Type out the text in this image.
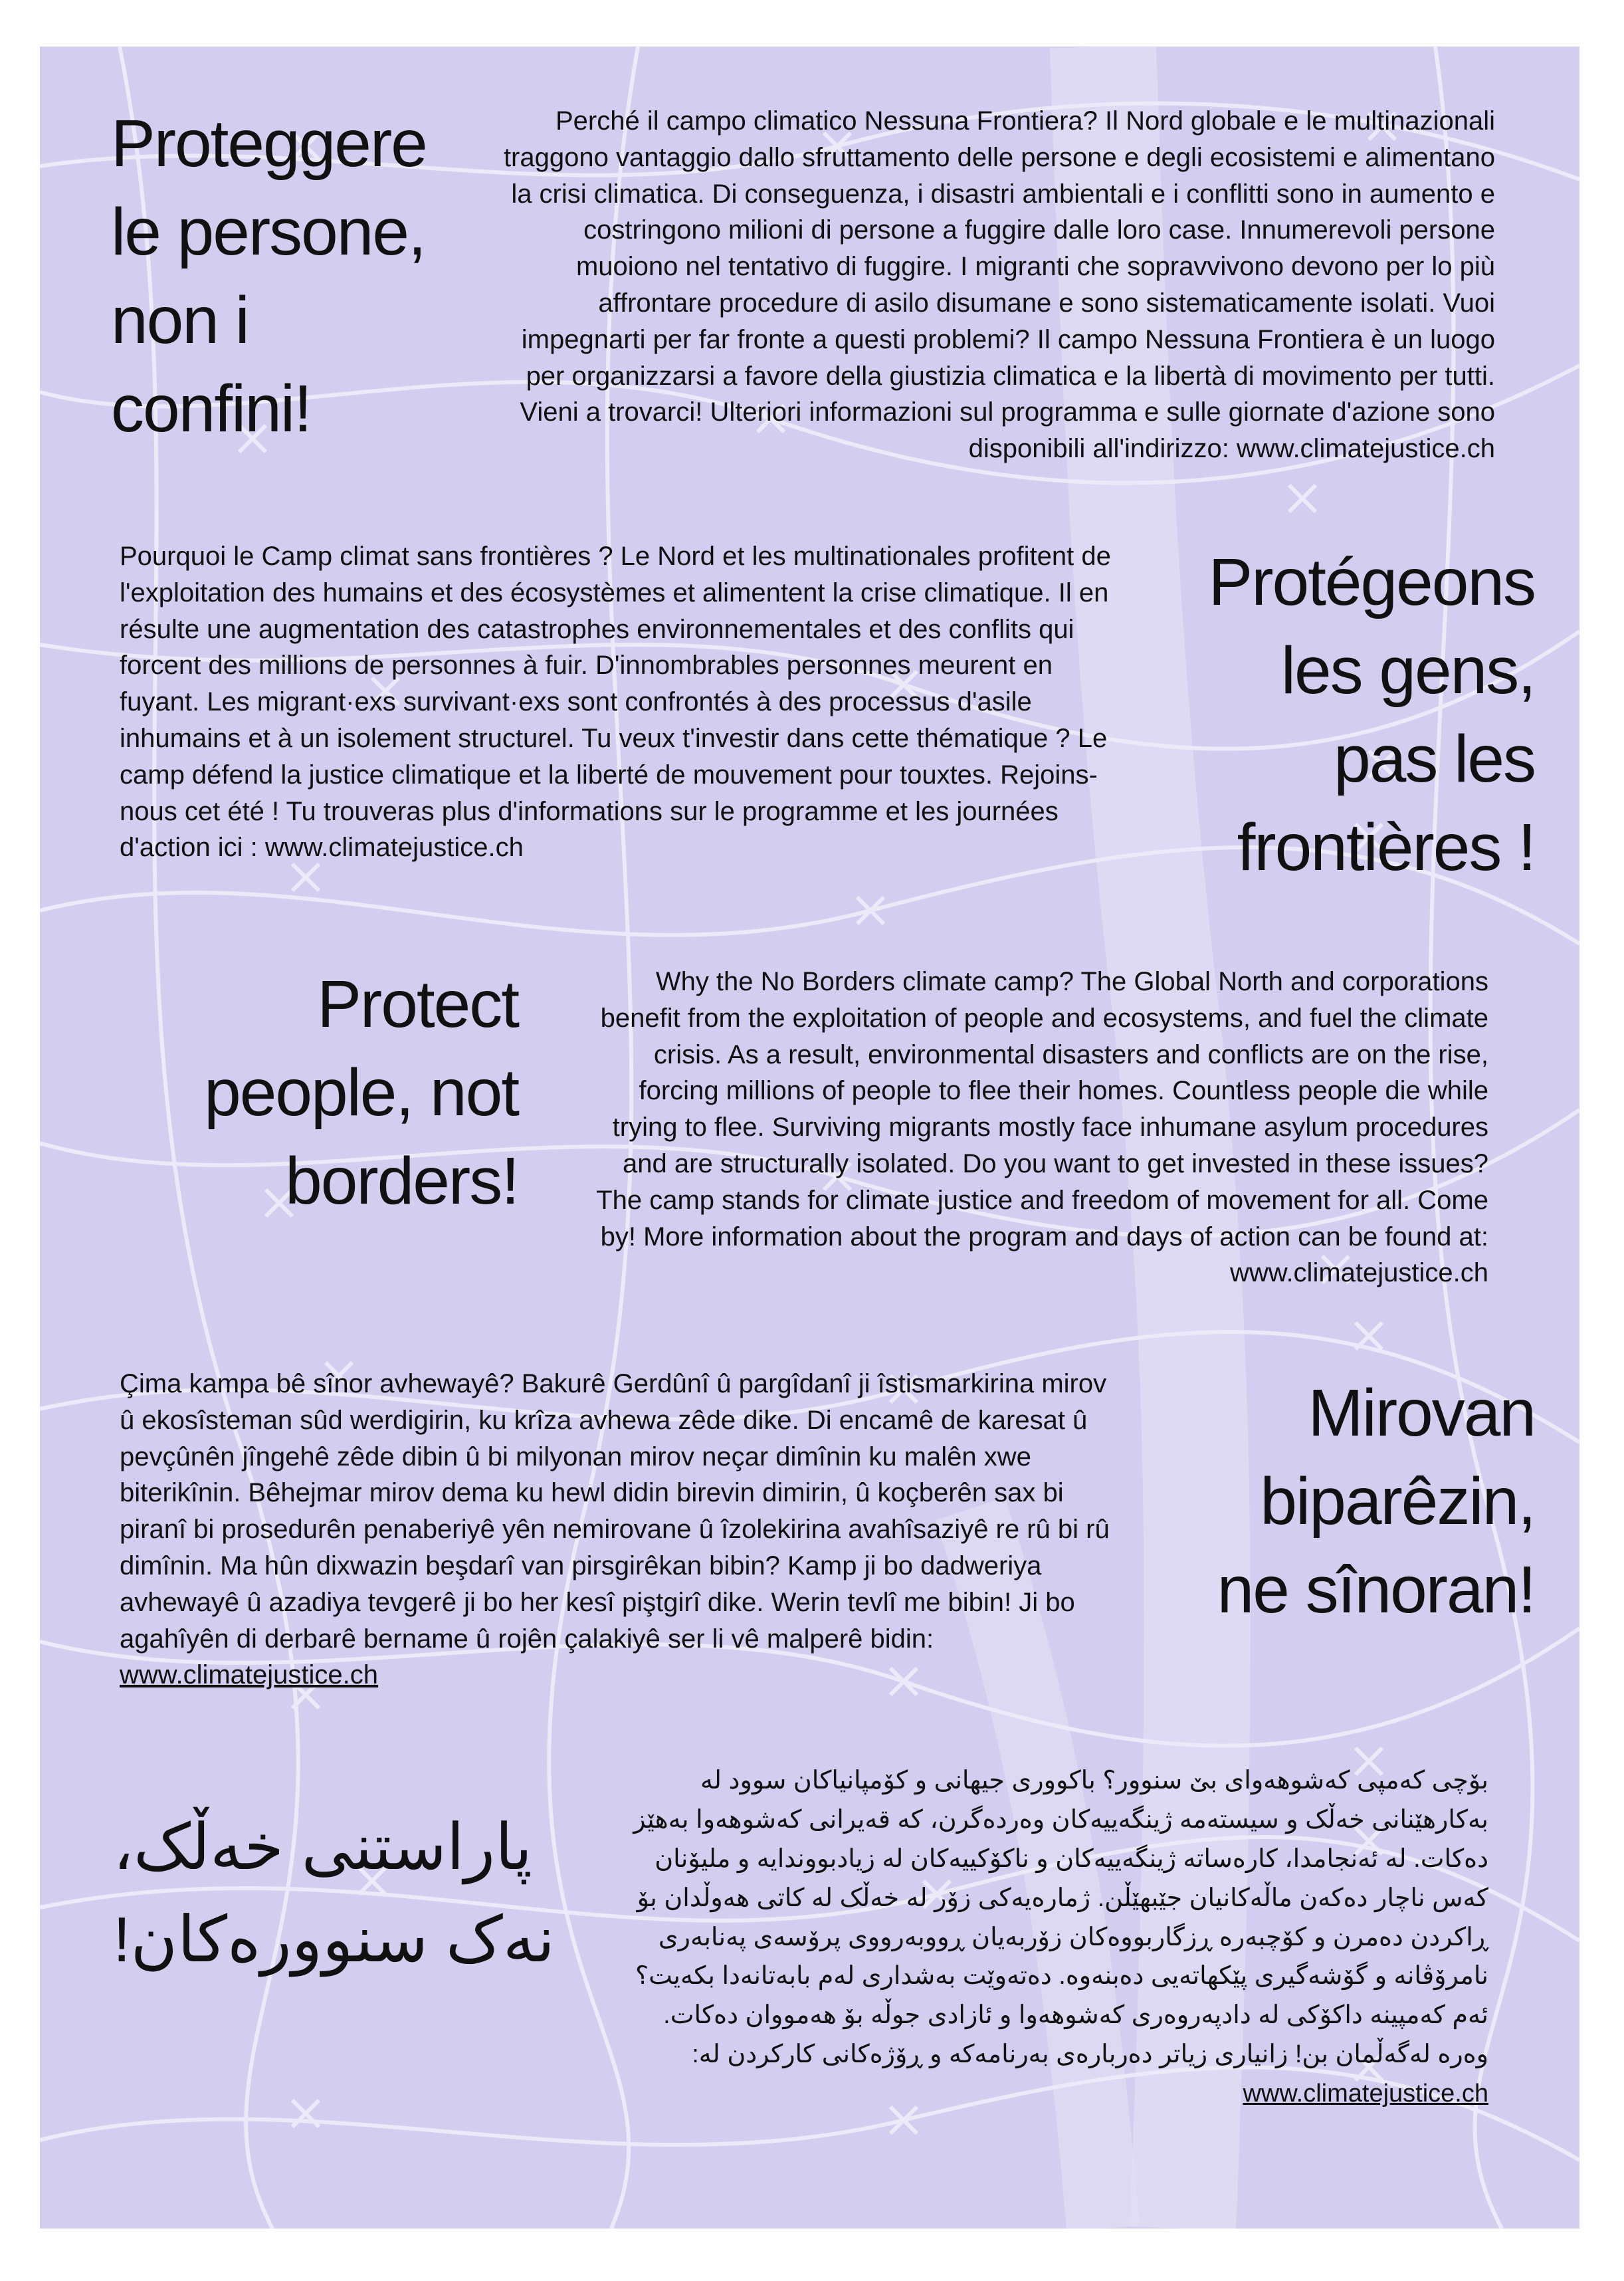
Proteggere
le persone,
non i
confini!

Perché il campo climatico Nessuna Frontiera? Il Nord globale e le multinazionali traggono vantaggio dallo sfruttamento delle persone e degli ecosistemi e alimentano la crisi climatica. Di conseguenza, i disastri ambientali e i conflitti sono in aumento e costringono milioni di persone a fuggire dalle loro case. Innumerevoli persone muoiono nel tentativo di fuggire. I migranti che sopravvivono devono per lo più affrontare procedure di asilo disumane e sono sistematicamente isolati. Vuoi impegnarti per far fronte a questi problemi? Il campo Nessuna Frontiera è un luogo per organizzarsi a favore della giustizia climatica e la libertà di movimento per tutti. Vieni a trovarci! Ulteriori informazioni sul programma e sulle giornate d'azione sono disponibili all'indirizzo: www.climatejustice.ch

Pourquoi le Camp climat sans frontières ? Le Nord et les multinationales profitent de l'exploitation des humains et des écosystèmes et alimentent la crise climatique. Il en résulte une augmentation des catastrophes environnementales et des conflits qui forcent des millions de personnes à fuir. D'innombrables personnes meurent en fuyant. Les migrant·exs survivant·exs sont confrontés à des processus d'asile inhumains et à un isolement structurel. Tu veux t'investir dans cette thématique ? Le camp défend la justice climatique et la liberté de mouvement pour touxtes. Rejoins-nous cet été ! Tu trouveras plus d'informations sur le programme et les journées d'action ici : www.climatejustice.ch

Protégeons
les gens,
pas les
frontières !
Protect
people, not
borders!

Why the No Borders climate camp? The Global North and corporations benefit from the exploitation of people and ecosystems, and fuel the climate crisis. As a result, environmental disasters and conflicts are on the rise, forcing millions of people to flee their homes. Countless people die while trying to flee. Surviving migrants mostly face inhumane asylum procedures and are structurally isolated. Do you want to get invested in these issues? The camp stands for climate justice and freedom of movement for all. Come by! More information about the program and days of action can be found at: www.climatejustice.ch

Çima kampa bê sînor avhewayê? Bakurê Gerdûnî û pargîdanî ji îstismarkirina mirov û ekosîsteman sûd werdigirin, ku krîza avhewa zêde dike. Di encamê de karesat û pevçûnên jîngehê zêde dibin û bi milyonan mirov neçar dimînin ku malên xwe biterikînin. Bêhejmar mirov dema ku hewl didin birevin dimirin, û koçberên sax bi piranî bi prosedurên penaberiyê yên nemirovane û îzolekirina avahîsaziyê re rû bi rû dimînin. Ma hûn dixwazin beşdarî van pirsgirêkan bibin? Kamp ji bo dadweriya avhewayê û azadiya tevgerê ji bo her kesî piştgirî dike. Werin tevlî me bibin! Ji bo agahîyên di derbarê bername û rojên çalakiyê ser li vê malperê bidin: www.climatejustice.ch

Mirovan
biparêzin,
ne sînoran!
پاراستنی خەڵک،
نەک سنوورەکان!

بۆچی کەمپی کەشوهەوای بێ سنوور؟ باکووری جیهانی و کۆمپانیاکان سوود لە بەکارهێنانی خەڵک و سیستەمە ژینگەییەکان وەردەگرن، کە قەیرانی کەشوهەوا بەهێز دەکات. لە ئەنجامدا، کارەساتە ژینگەییەکان و ناکۆکییەکان لە زیادبووندایە و ملیۆنان کەس ناچار دەکەن ماڵەکانیان جێبهێڵن. ژمارەیەکی زۆر لە خەڵک لە کاتی هەوڵدان بۆ ڕاکردن دەمرن و کۆچبەرە ڕزگاربووەکان زۆربەیان ڕووبەرووی پرۆسەی پەنابەری نامرۆڤانە و گۆشەگیری پێکهاتەیی دەبنەوە. دەتەوێت بەشداری لەم بابەتانەدا بکەیت؟ ئەم کەمپینە داکۆکی لە دادپەروەری کەشوهەوا و ئازادی جوڵە بۆ هەمووان دەکات. وەرە لەگەڵمان بن! زانیاری زیاتر دەربارەی بەرنامەکە و ڕۆژەکانی کارکردن لە: www.climatejustice.ch
